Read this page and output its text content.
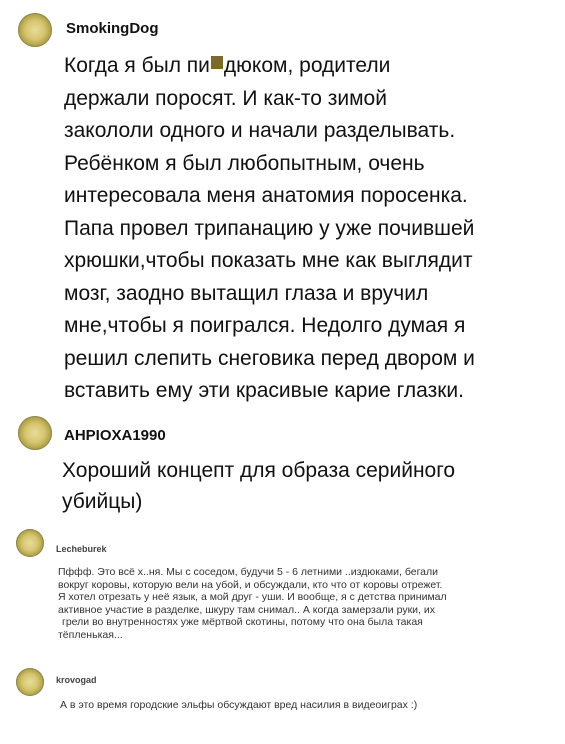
SmokingDog
Когда я был пи дюком, родители
держали поросят. И как-то зимой
закололи одного и начали разделывать.
Ребёнком я был любопытным, очень
интересовала меня анатомия поросенка.
Папа провел трипанацию у уже почившей
хрюшки,чтобы показать мне как выглядит
мозг, заодно вытащил глаза и вручил
мне,чтобы я поигрался. Недолго думая я
решил слепить снеговика перед двором и
вставить ему эти красивые карие глазки.
AHPIOXA1990
Хороший концепт для образа серийного
убийцы)
Lecheburek
Пффф. Это всё х..ня. Мы с соседом, будучи 5 - 6 летними ..издюками, бегали
вокруг коровы, которую вели на убой, и обсуждали, кто что от коровы отрежет.
Я хотел отрезать у неё язык, а мой друг - уши. И вообще, я с детства принимал
активное участие в разделке, шкуру там снимал.. А когда замерзали руки, их
грели во внутренностях уже мёртвой скотины, потому что она была такая
тёпленькая...
krovogad
А в это время городские эльфы обсуждают вред насилия в видеоиграх :)
